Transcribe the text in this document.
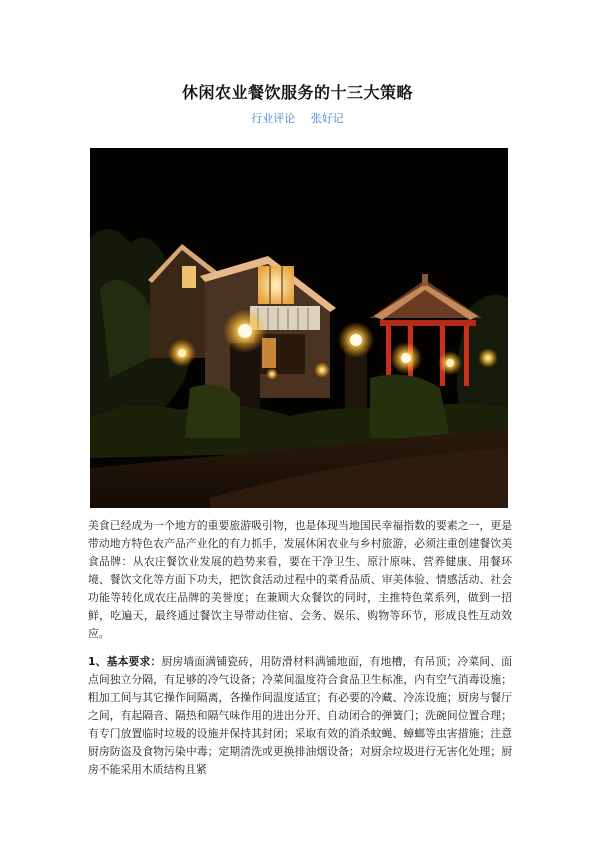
休闲农业餐饮服务的十三大策略
行业评论 张好记

美食已经成为一个地方的重要旅游吸引物，也是体现当地国民幸福指数的要素之一，更是带动地方特色农产品产业化的有力抓手，发展休闲农业与乡村旅游，必须注重创建餐饮美食品牌：从农庄餐饮业发展的趋势来看，要在干净卫生、原汁原味、营养健康、用餐环境、餐饮文化等方面下功夫，把饮食活动过程中的菜肴品质、审美体验、情感活动、社会功能等转化成农庄品牌的美誉度；在兼顾大众餐饮的同时，主推特色菜系列，做到一招鲜，吃遍天，最终通过餐饮主导带动住宿、会务、娱乐、购物等环节，形成良性互动效应。

1、基本要求：厨房墙面满铺瓷砖，用防滑材料满铺地面，有地槽，有吊顶；冷菜间、面点间独立分隔，有足够的冷气设备；冷菜间温度符合食品卫生标准，内有空气消毒设施；粗加工间与其它操作间隔离，各操作间温度适宜；有必要的冷藏、冷冻设施；厨房与餐厅之间，有起隔音、隔热和隔气味作用的进出分开、自动闭合的弹簧门；洗碗间位置合理；有专门放置临时垃圾的设施并保持其封闭；采取有效的消杀蚊蝇、蟑螂等虫害措施；注意厨房防盗及食物污染中毒；定期清洗或更换排油烟设备；对厨余垃圾进行无害化处理；厨房不能采用木质结构且紧
